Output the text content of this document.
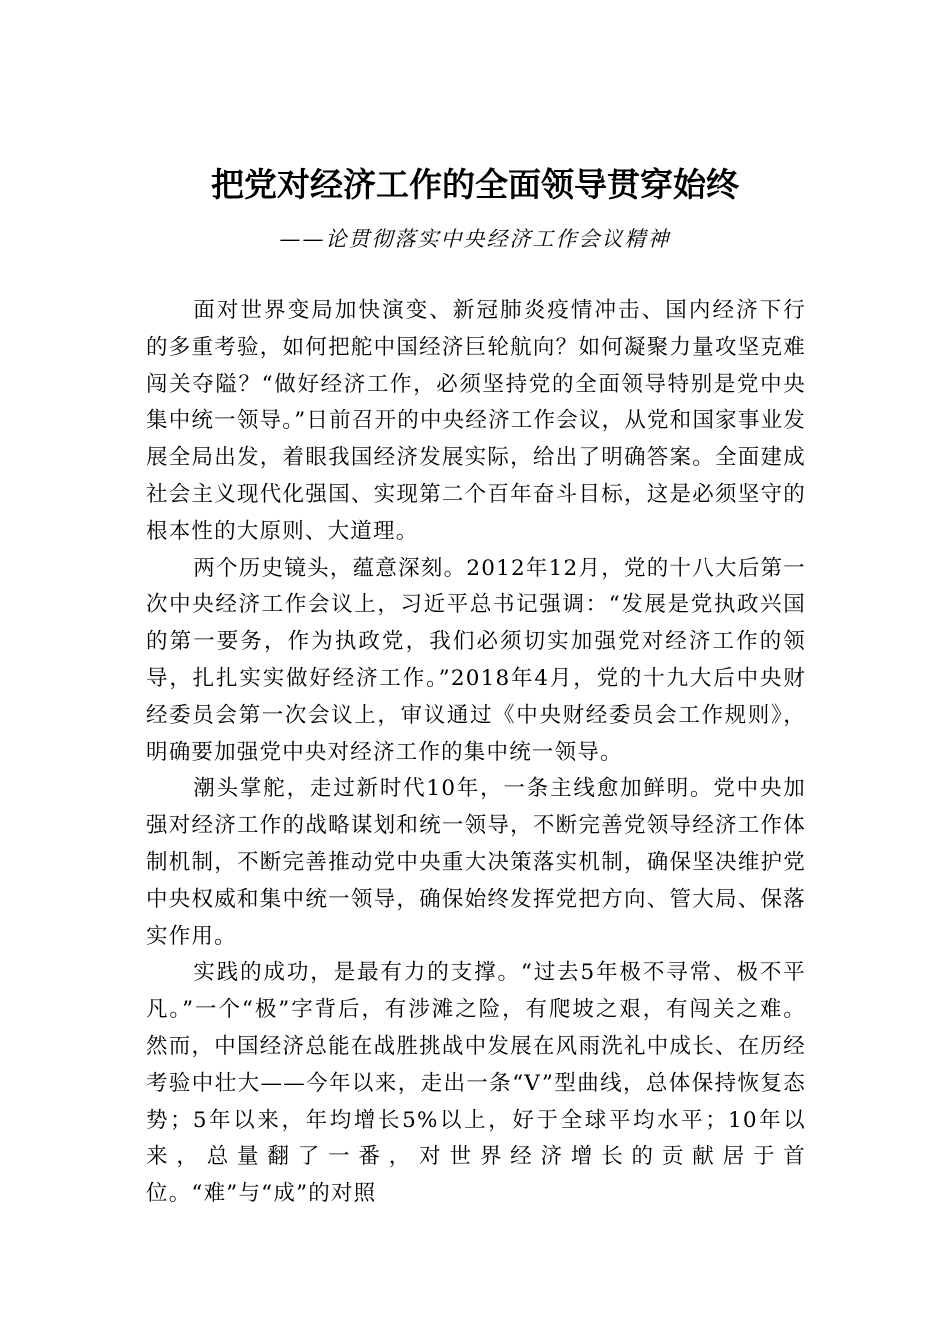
把党对经济工作的全面领导贯穿始终
——论贯彻落实中央经济工作会议精神

面对世界变局加快演变、新冠肺炎疫情冲击、国内经济下行的多重考验，如何把舵中国经济巨轮航向？如何凝聚力量攻坚克难闯关夺隘？“做好经济工作，必须坚持党的全面领导特别是党中央集中统一领导。”日前召开的中央经济工作会议，从党和国家事业发展全局出发，着眼我国经济发展实际，给出了明确答案。全面建成社会主义现代化强国、实现第二个百年奋斗目标，这是必须坚守的根本性的大原则、大道理。

两个历史镜头，蕴意深刻。2012年12月，党的十八大后第一次中央经济工作会议上，习近平总书记强调：“发展是党执政兴国的第一要务，作为执政党，我们必须切实加强党对经济工作的领导，扎扎实实做好经济工作。”2018年4月，党的十九大后中央财经委员会第一次会议上，审议通过《中央财经委员会工作规则》，明确要加强党中央对经济工作的集中统一领导。

潮头掌舵，走过新时代10年，一条主线愈加鲜明。党中央加强对经济工作的战略谋划和统一领导，不断完善党领导经济工作体制机制，不断完善推动党中央重大决策落实机制，确保坚决维护党中央权威和集中统一领导，确保始终发挥党把方向、管大局、保落实作用。

实践的成功，是最有力的支撑。“过去5年极不寻常、极不平凡。”一个“极”字背后，有涉滩之险，有爬坡之艰，有闯关之难。然而，中国经济总能在战胜挑战中发展在风雨洗礼中成长、在历经考验中壮大——今年以来，走出一条“V”型曲线，总体保持恢复态势；5年以来，年均增长5%以上，好于全球平均水平；10年以来，总量翻了一番，对世界经济增长的贡献居于首位。“难”与“成”的对照
